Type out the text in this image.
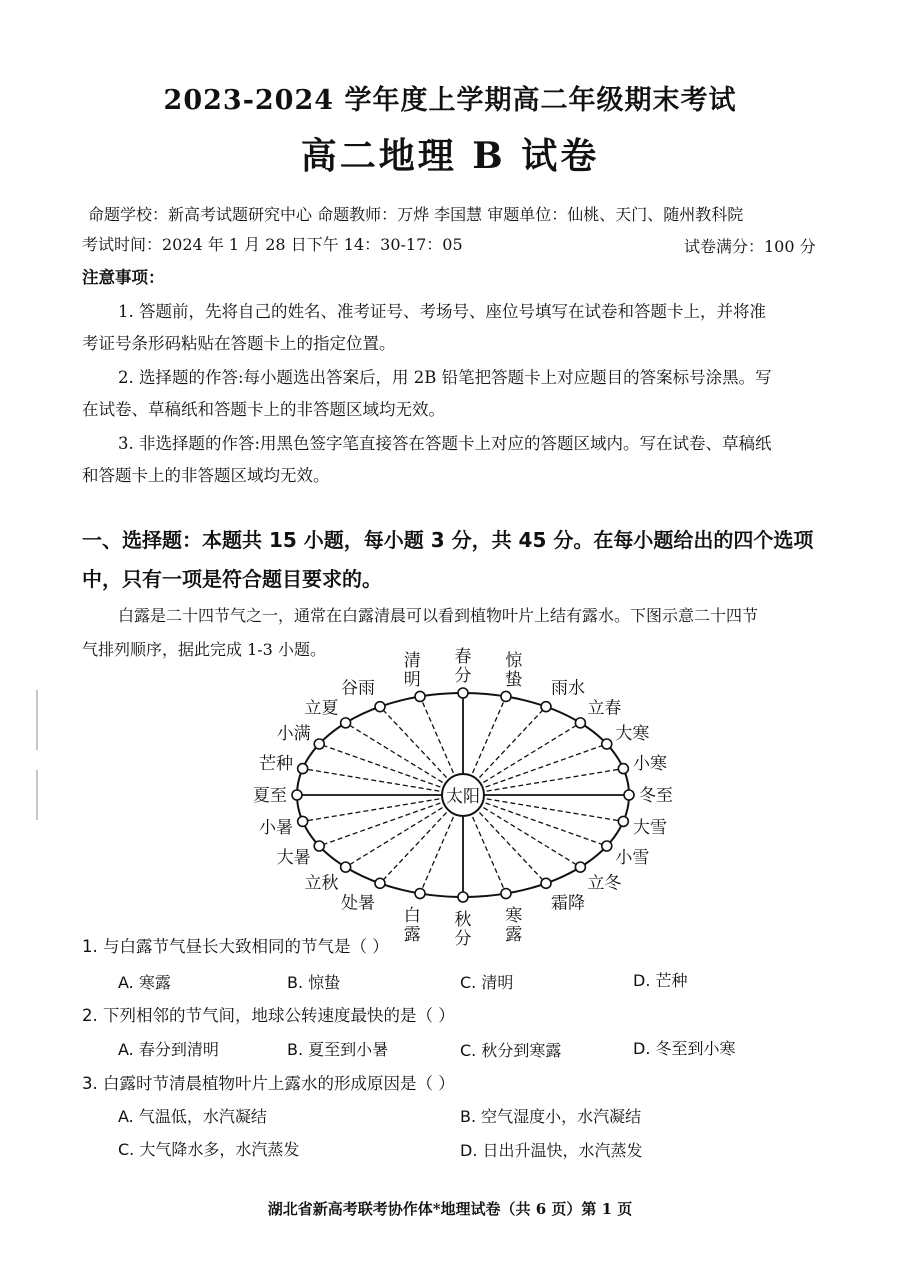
2023-2024 学年度上学期高二年级期末考试
高二地理 B 试卷
命题学校：新高考试题研究中心 命题教师：万烨 李国慧 审题单位：仙桃、天门、随州教科院
考试时间：2024 年 1 月 28 日下午 14：30-17：05	试卷满分：100 分
注意事项：
1. 答题前，先将自己的姓名、准考证号、考场号、座位号填写在试卷和答题卡上，并将准
考证号条形码粘贴在答题卡上的指定位置。
2. 选择题的作答:每小题选出答案后，用 2B 铅笔把答题卡上对应题目的答案标号涂黑。写
在试卷、草稿纸和答题卡上的非答题区域均无效。
3. 非选择题的作答:用黑色签字笔直接答在答题卡上对应的答题区域内。写在试卷、草稿纸
和答题卡上的非答题区域均无效。
一、选择题：本题共 15 小题，每小题 3 分，共 45 分。在每小题给出的四个选项
中，只有一项是符合题目要求的。
白露是二十四节气之一，通常在白露清晨可以看到植物叶片上结有露水。下图示意二十四节
气排列顺序，据此完成 1-3 小题。
冬至
小寒
大寒
立春
雨水
惊蛰
春分
清明
谷雨
立夏
小满
芒种
夏至
小暑
大暑
立秋
处暑
白露
秋分
寒露
霜降
立冬
小雪
大雪
太阳
1. 与白露节气昼长大致相同的节气是（ ）
A. 寒露	B. 惊蛰	C. 清明	D. 芒种
2. 下列相邻的节气间，地球公转速度最快的是（ ）
A. 春分到清明	B. 夏至到小暑	C. 秋分到寒露	D. 冬至到小寒
3. 白露时节清晨植物叶片上露水的形成原因是（ ）
A. 气温低，水汽凝结	B. 空气湿度小，水汽凝结
C. 大气降水多，水汽蒸发	D. 日出升温快，水汽蒸发
湖北省新高考联考协作体*地理试卷（共 6 页）第 1 页
